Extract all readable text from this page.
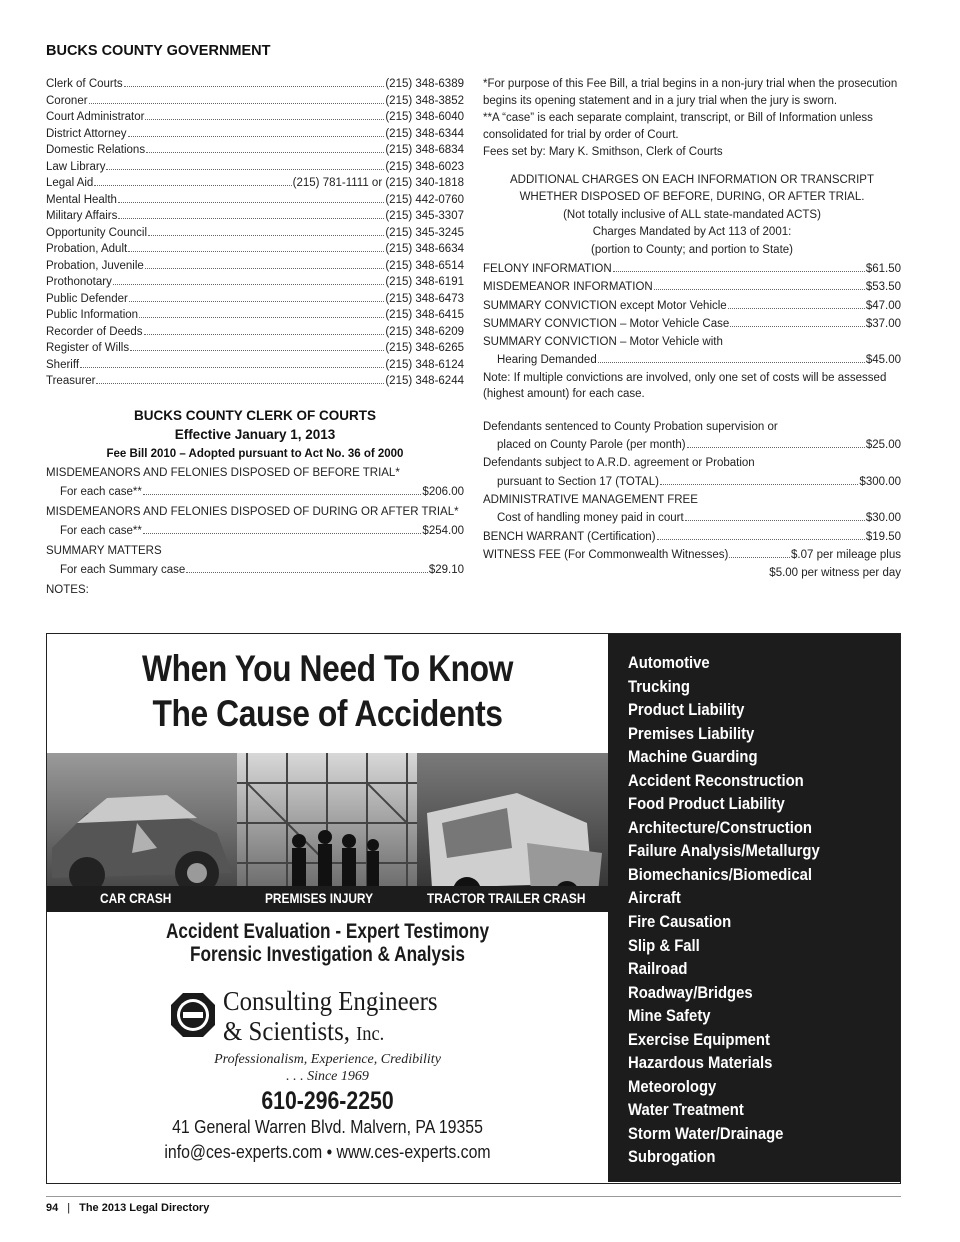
BUCKS COUNTY GOVERNMENT
Clerk of Courts	(215) 348-6389
Coroner	(215) 348-3852
Court Administrator	(215) 348-6040
District Attorney	(215) 348-6344
Domestic Relations	(215) 348-6834
Law Library	(215) 348-6023
Legal Aid	(215) 781-1111 or (215) 340-1818
Mental Health	(215) 442-0760
Military Affairs	(215) 345-3307
Opportunity Council	(215) 345-3245
Probation, Adult	(215) 348-6634
Probation, Juvenile	(215) 348-6514
Prothonotary	(215) 348-6191
Public Defender	(215) 348-6473
Public Information	(215) 348-6415
Recorder of Deeds	(215) 348-6209
Register of Wills	(215) 348-6265
Sheriff	(215) 348-6124
Treasurer	(215) 348-6244
BUCKS COUNTY CLERK OF COURTS
Effective January 1, 2013
Fee Bill 2010 – Adopted pursuant to Act No. 36 of 2000
MISDEMEANORS AND FELONIES DISPOSED OF BEFORE TRIAL*
For each case**	$206.00
MISDEMEANORS AND FELONIES DISPOSED OF DURING OR AFTER TRIAL*
For each case**	$254.00
SUMMARY MATTERS
For each Summary case	$29.10
NOTES:

*For purpose of this Fee Bill, a trial begins in a non-jury trial when the prosecution begins its opening statement and in a jury trial when the jury is sworn.

**A “case” is each separate complaint, transcript, or Bill of Information unless consolidated for trial by order of Court.

Fees set by: Mary K. Smithson, Clerk of Courts

ADDITIONAL CHARGES ON EACH INFORMATION OR TRANSCRIPT
WHETHER DISPOSED OF BEFORE, DURING, OR AFTER TRIAL.
(Not totally inclusive of ALL state-mandated ACTS)
Charges Mandated by Act 113 of 2001:
(portion to County; and portion to State)
FELONY INFORMATION	$61.50
MISDEMEANOR INFORMATION	$53.50
SUMMARY CONVICTION except Motor Vehicle	$47.00
SUMMARY CONVICTION – Motor Vehicle Case	$37.00
SUMMARY CONVICTION – Motor Vehicle with
Hearing Demanded	$45.00

Note: If multiple convictions are involved, only one set of costs will be assessed (highest amount) for each case.

Defendants sentenced to County Probation supervision or
placed on County Parole (per month)	$25.00
Defendants subject to A.R.D. agreement or Probation
pursuant to Section 17 (TOTAL)	$300.00
ADMINISTRATIVE MANAGEMENT FREE
Cost of handling money paid in court	$30.00
BENCH WARRANT (Certification)	$19.50
WITNESS FEE (For Commonwealth Witnesses)	$.07 per mileage plus
$5.00 per witness per day
When You Need To Know
The Cause of Accidents
CAR CRASH	PREMISES INJURY	TRACTOR TRAILER CRASH
Accident Evaluation - Expert Testimony
Forensic Investigation & Analysis
Consulting Engineers
& Scientists, Inc.
Professionalism, Experience, Credibility
. . . Since 1969
610-296-2250
41 General Warren Blvd. Malvern, PA 19355
info@ces-experts.com • www.ces-experts.com
Automotive
Trucking
Product Liability
Premises Liability
Machine Guarding
Accident Reconstruction
Food Product Liability
Architecture/Construction
Failure Analysis/Metallurgy
Biomechanics/Biomedical
Aircraft
Fire Causation
Slip & Fall
Railroad
Roadway/Bridges
Mine Safety
Exercise Equipment
Hazardous Materials
Meteorology
Water Treatment
Storm Water/Drainage
Subrogation
94 | The 2013 Legal Directory
